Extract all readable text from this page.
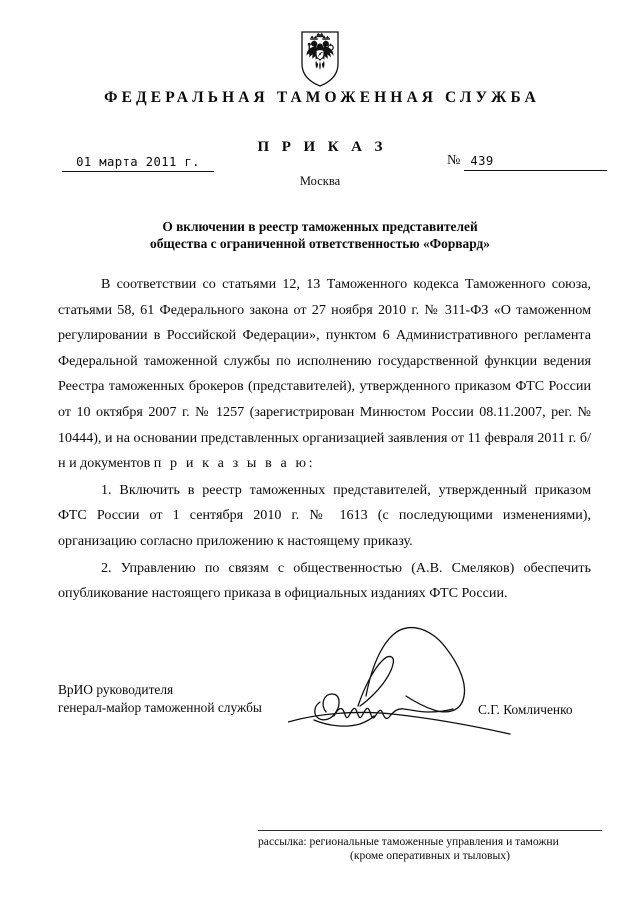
ФЕДЕРАЛЬНАЯ ТАМОЖЕННАЯ СЛУЖБА
П Р И К А З
01 марта 2011 г.	№ 439
Москва
О включении в реестр таможенных представителей
общества с ограниченной ответственностью «Форвард»

В соответствии со статьями 12, 13 Таможенного кодекса Таможенного союза, статьями 58, 61 Федерального закона от 27 ноября 2010 г. № 311-ФЗ «О таможенном регулировании в Российской Федерации», пунктом 6 Административного регламента Федеральной таможенной службы по исполнению государственной функции ведения Реестра таможенных брокеров (представителей), утвержденного приказом ФТС России от 10 октября 2007 г. № 1257 (зарегистрирован Минюстом России 08.11.2007, рег. № 10444), и на основании представленных организацией заявления от 11 февраля 2011 г. б/н и документов п р и к а з ы в а ю:

1. Включить в реестр таможенных представителей, утвержденный приказом ФТС России от 1 сентября 2010 г. № 1613 (с последующими изменениями), организацию согласно приложению к настоящему приказу.

2. Управлению по связям с общественностью (А.В. Смеляков) обеспечить опубликование настоящего приказа в официальных изданиях ФТС России.

ВрИО руководителя
генерал-майор таможенной службы	С.Г. Комличенко
рассылка: региональные таможенные управления и таможни
(кроме оперативных и тыловых)
